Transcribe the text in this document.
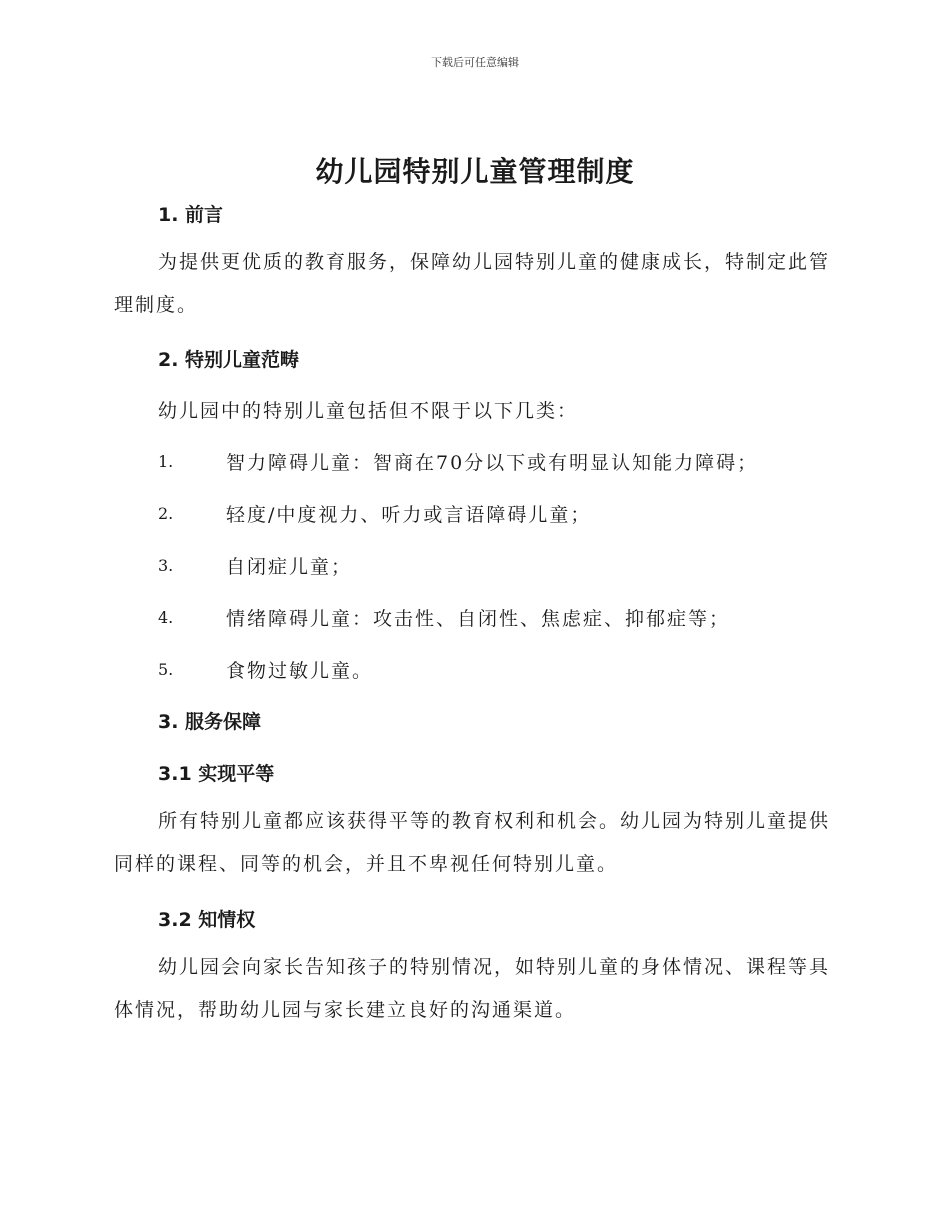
下载后可任意编辑
幼儿园特别儿童管理制度
1. 前言
为提供更优质的教育服务，保障幼儿园特别儿童的健康成长，特制定此管理制度。
2. 特别儿童范畴
幼儿园中的特别儿童包括但不限于以下几类：
1.	智力障碍儿童：智商在70分以下或有明显认知能力障碍；
2.	轻度/中度视力、听力或言语障碍儿童；
3.	自闭症儿童；
4.	情绪障碍儿童：攻击性、自闭性、焦虑症、抑郁症等；
5.	食物过敏儿童。
3. 服务保障
3.1 实现平等
所有特别儿童都应该获得平等的教育权利和机会。幼儿园为特别儿童提供同样的课程、同等的机会，并且不卑视任何特别儿童。
3.2 知情权
幼儿园会向家长告知孩子的特别情况，如特别儿童的身体情况、课程等具体情况，帮助幼儿园与家长建立良好的沟通渠道。
